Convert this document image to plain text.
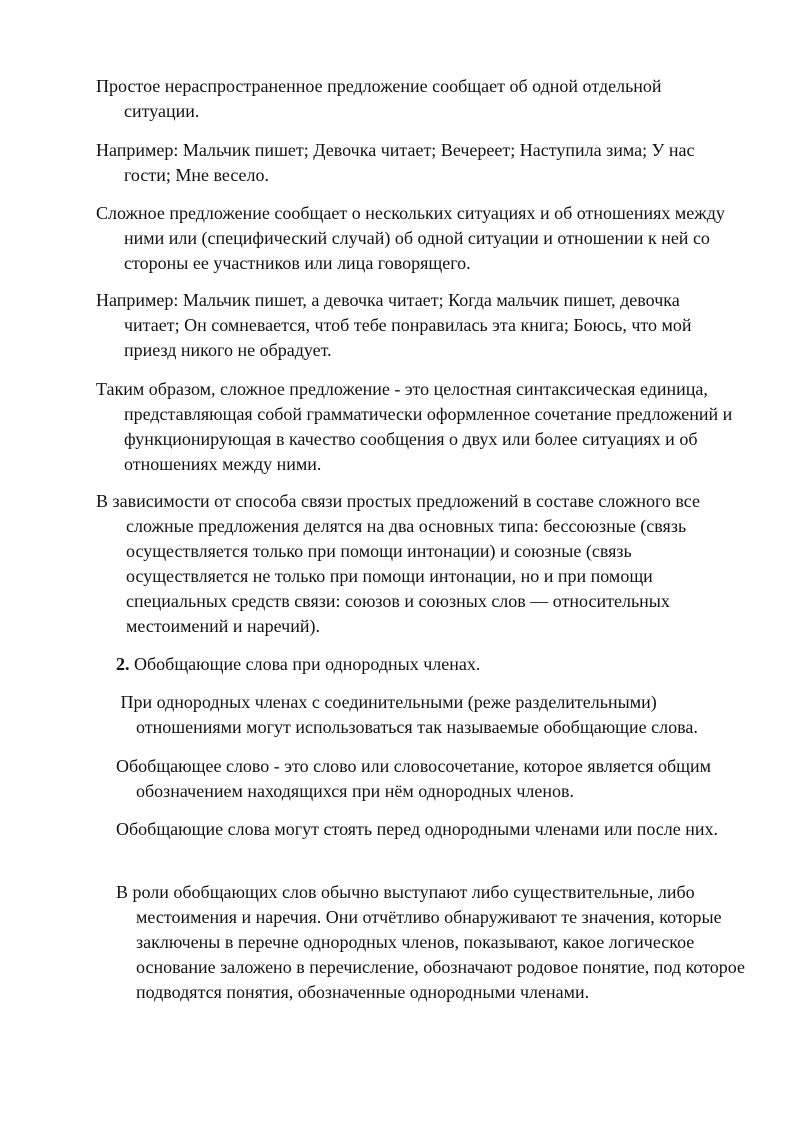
Простое нераспространенное предложение сообщает об одной отдельной ситуации.

Например: Мальчик пишет; Девочка читает; Вечереет; Наступила зима; У нас гости; Мне весело.

Сложное предложение сообщает о нескольких ситуациях и об отношениях между ними или (специфический случай) об одной ситуации и отношении к ней со стороны ее участников или лица говорящего.

Например: Мальчик пишет, а девочка читает; Когда мальчик пишет, девочка читает; Он сомневается, чтоб тебе понравилась эта книга; Боюсь, что мой приезд никого не обрадует.

Таким образом, сложное предложение - это целостная синтаксическая единица, представляющая собой грамматически оформленное сочетание предложений и функционирующая в качество сообщения о двух или более ситуациях и об отношениях между ними.

В зависимости от способа связи простых предложений в составе сложного все сложные предложения делятся на два основных типа: бессоюзные (связь осуществляется только при помощи интонации) и союзные (связь осуществляется не только при помощи интонации, но и при помощи специальных средств связи: союзов и союзных слов — относительных местоимений и наречий).

2. Обобщающие слова при однородных членах.

При однородных членах с соединительными (реже разделительными) отношениями могут использоваться так называемые обобщающие слова.

Обобщающее слово - это слово или словосочетание, которое является общим обозначением находящихся при нём однородных членов.

Обобщающие слова могут стоять перед однородными членами или после них.

В роли обобщающих слов обычно выступают либо существительные, либо местоимения и наречия. Они отчётливо обнаруживают те значения, которые заключены в перечне однородных членов, показывают, какое логическое основание заложено в перечисление, обозначают родовое понятие, под которое подводятся понятия, обозначенные однородными членами.
